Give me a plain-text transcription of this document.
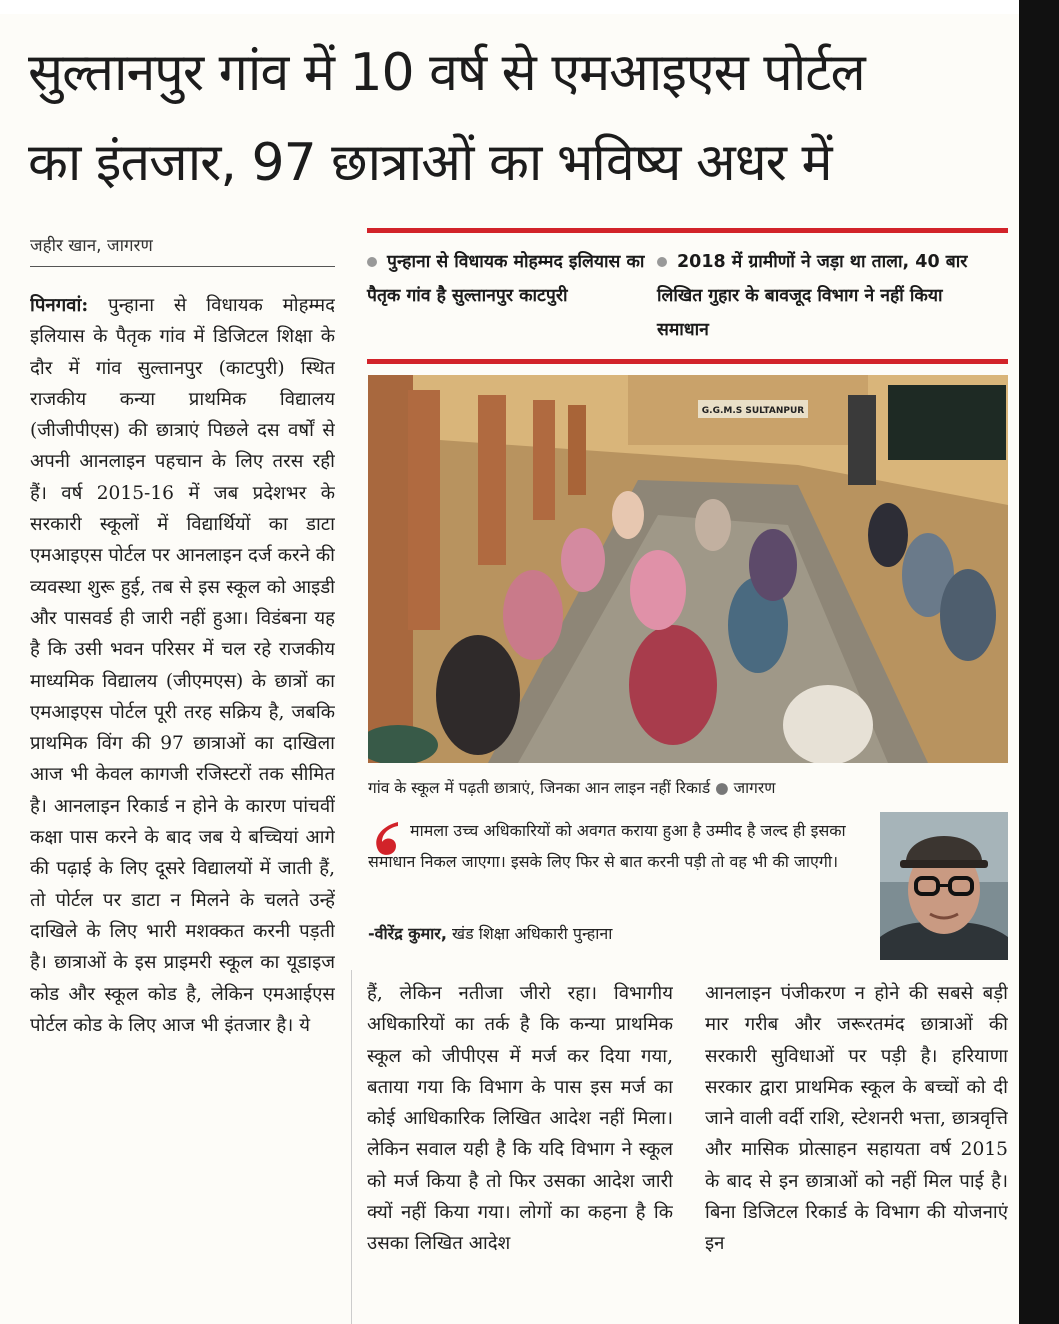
सुल्तानपुर गांव में 10 वर्ष से एमआइएस पोर्टल
का इंतजार, 97 छात्राओं का भविष्य अधर में
जहीर खान, जागरण
पिनगवां: पुन्हाना से विधायक मोहम्मद इलियास के पैतृक गांव में डिजिटल शिक्षा के दौर में गांव सुल्तानपुर (काटपुरी) स्थित राजकीय कन्या प्राथमिक विद्यालय (जीजीपीएस) की छात्राएं पिछले दस वर्षों से अपनी आनलाइन पहचान के लिए तरस रही हैं। वर्ष 2015-16 में जब प्रदेशभर के सरकारी स्कूलों में विद्यार्थियों का डाटा एमआइएस पोर्टल पर आनलाइन दर्ज करने की व्यवस्था शुरू हुई, तब से इस स्कूल को आइडी और पासवर्ड ही जारी नहीं हुआ। विडंबना यह है कि उसी भवन परिसर में चल रहे राजकीय माध्यमिक विद्यालय (जीएमएस) के छात्रों का एमआइएस पोर्टल पूरी तरह सक्रिय है, जबकि प्राथमिक विंग की 97 छात्राओं का दाखिला आज भी केवल कागजी रजिस्टरों तक सीमित है। आनलाइन रिकार्ड न होने के कारण पांचवीं कक्षा पास करने के बाद जब ये बच्चियां आगे की पढ़ाई के लिए दूसरे विद्यालयों में जाती हैं, तो पोर्टल पर डाटा न मिलने के चलते उन्हें दाखिले के लिए भारी मशक्कत करनी पड़ती है। छात्राओं के इस प्राइमरी स्कूल का यूडाइज कोड और स्कूल कोड है, लेकिन एमआईएस पोर्टल कोड के लिए आज भी इंतजार है। ये
पुन्हाना से विधायक मोहम्मद इलियास का पैतृक गांव है सुल्तानपुर काटपुरी
2018 में ग्रामीणों ने जड़ा था ताला, 40 बार लिखित गुहार के बावजूद विभाग ने नहीं किया समाधान
G.G.M.S SULTANPUR
गांव के स्कूल में पढ़ती छात्राएं, जिनका आन लाइन नहीं रिकार्ड ● जागरण
मामला उच्च अधिकारियों को अवगत कराया हुआ है उम्मीद है जल्द ही इसका समाधान निकल जाएगा। इसके लिए फिर से बात करनी पड़ी तो वह भी की जाएगी।
-वीरेंद्र कुमार, खंड शिक्षा अधिकारी पुन्हाना
हैं, लेकिन नतीजा जीरो रहा। विभागीय अधिकारियों का तर्क है कि कन्या प्राथमिक स्कूल को जीपीएस में मर्ज कर दिया गया, बताया गया कि विभाग के पास इस मर्ज का कोई आधिकारिक लिखित आदेश नहीं मिला। लेकिन सवाल यही है कि यदि विभाग ने स्कूल को मर्ज किया है तो फिर उसका आदेश जारी क्यों नहीं किया गया। लोगों का कहना है कि उसका लिखित आदेश
आनलाइन पंजीकरण न होने की सबसे बड़ी मार गरीब और जरूरतमंद छात्राओं की सरकारी सुविधाओं पर पड़ी है। हरियाणा सरकार द्वारा प्राथमिक स्कूल के बच्चों को दी जाने वाली वर्दी राशि, स्टेशनरी भत्ता, छात्रवृत्ति और मासिक प्रोत्साहन सहायता वर्ष 2015 के बाद से इन छात्राओं को नहीं मिल पाई है। बिना डिजिटल रिकार्ड के विभाग की योजनाएं इन
